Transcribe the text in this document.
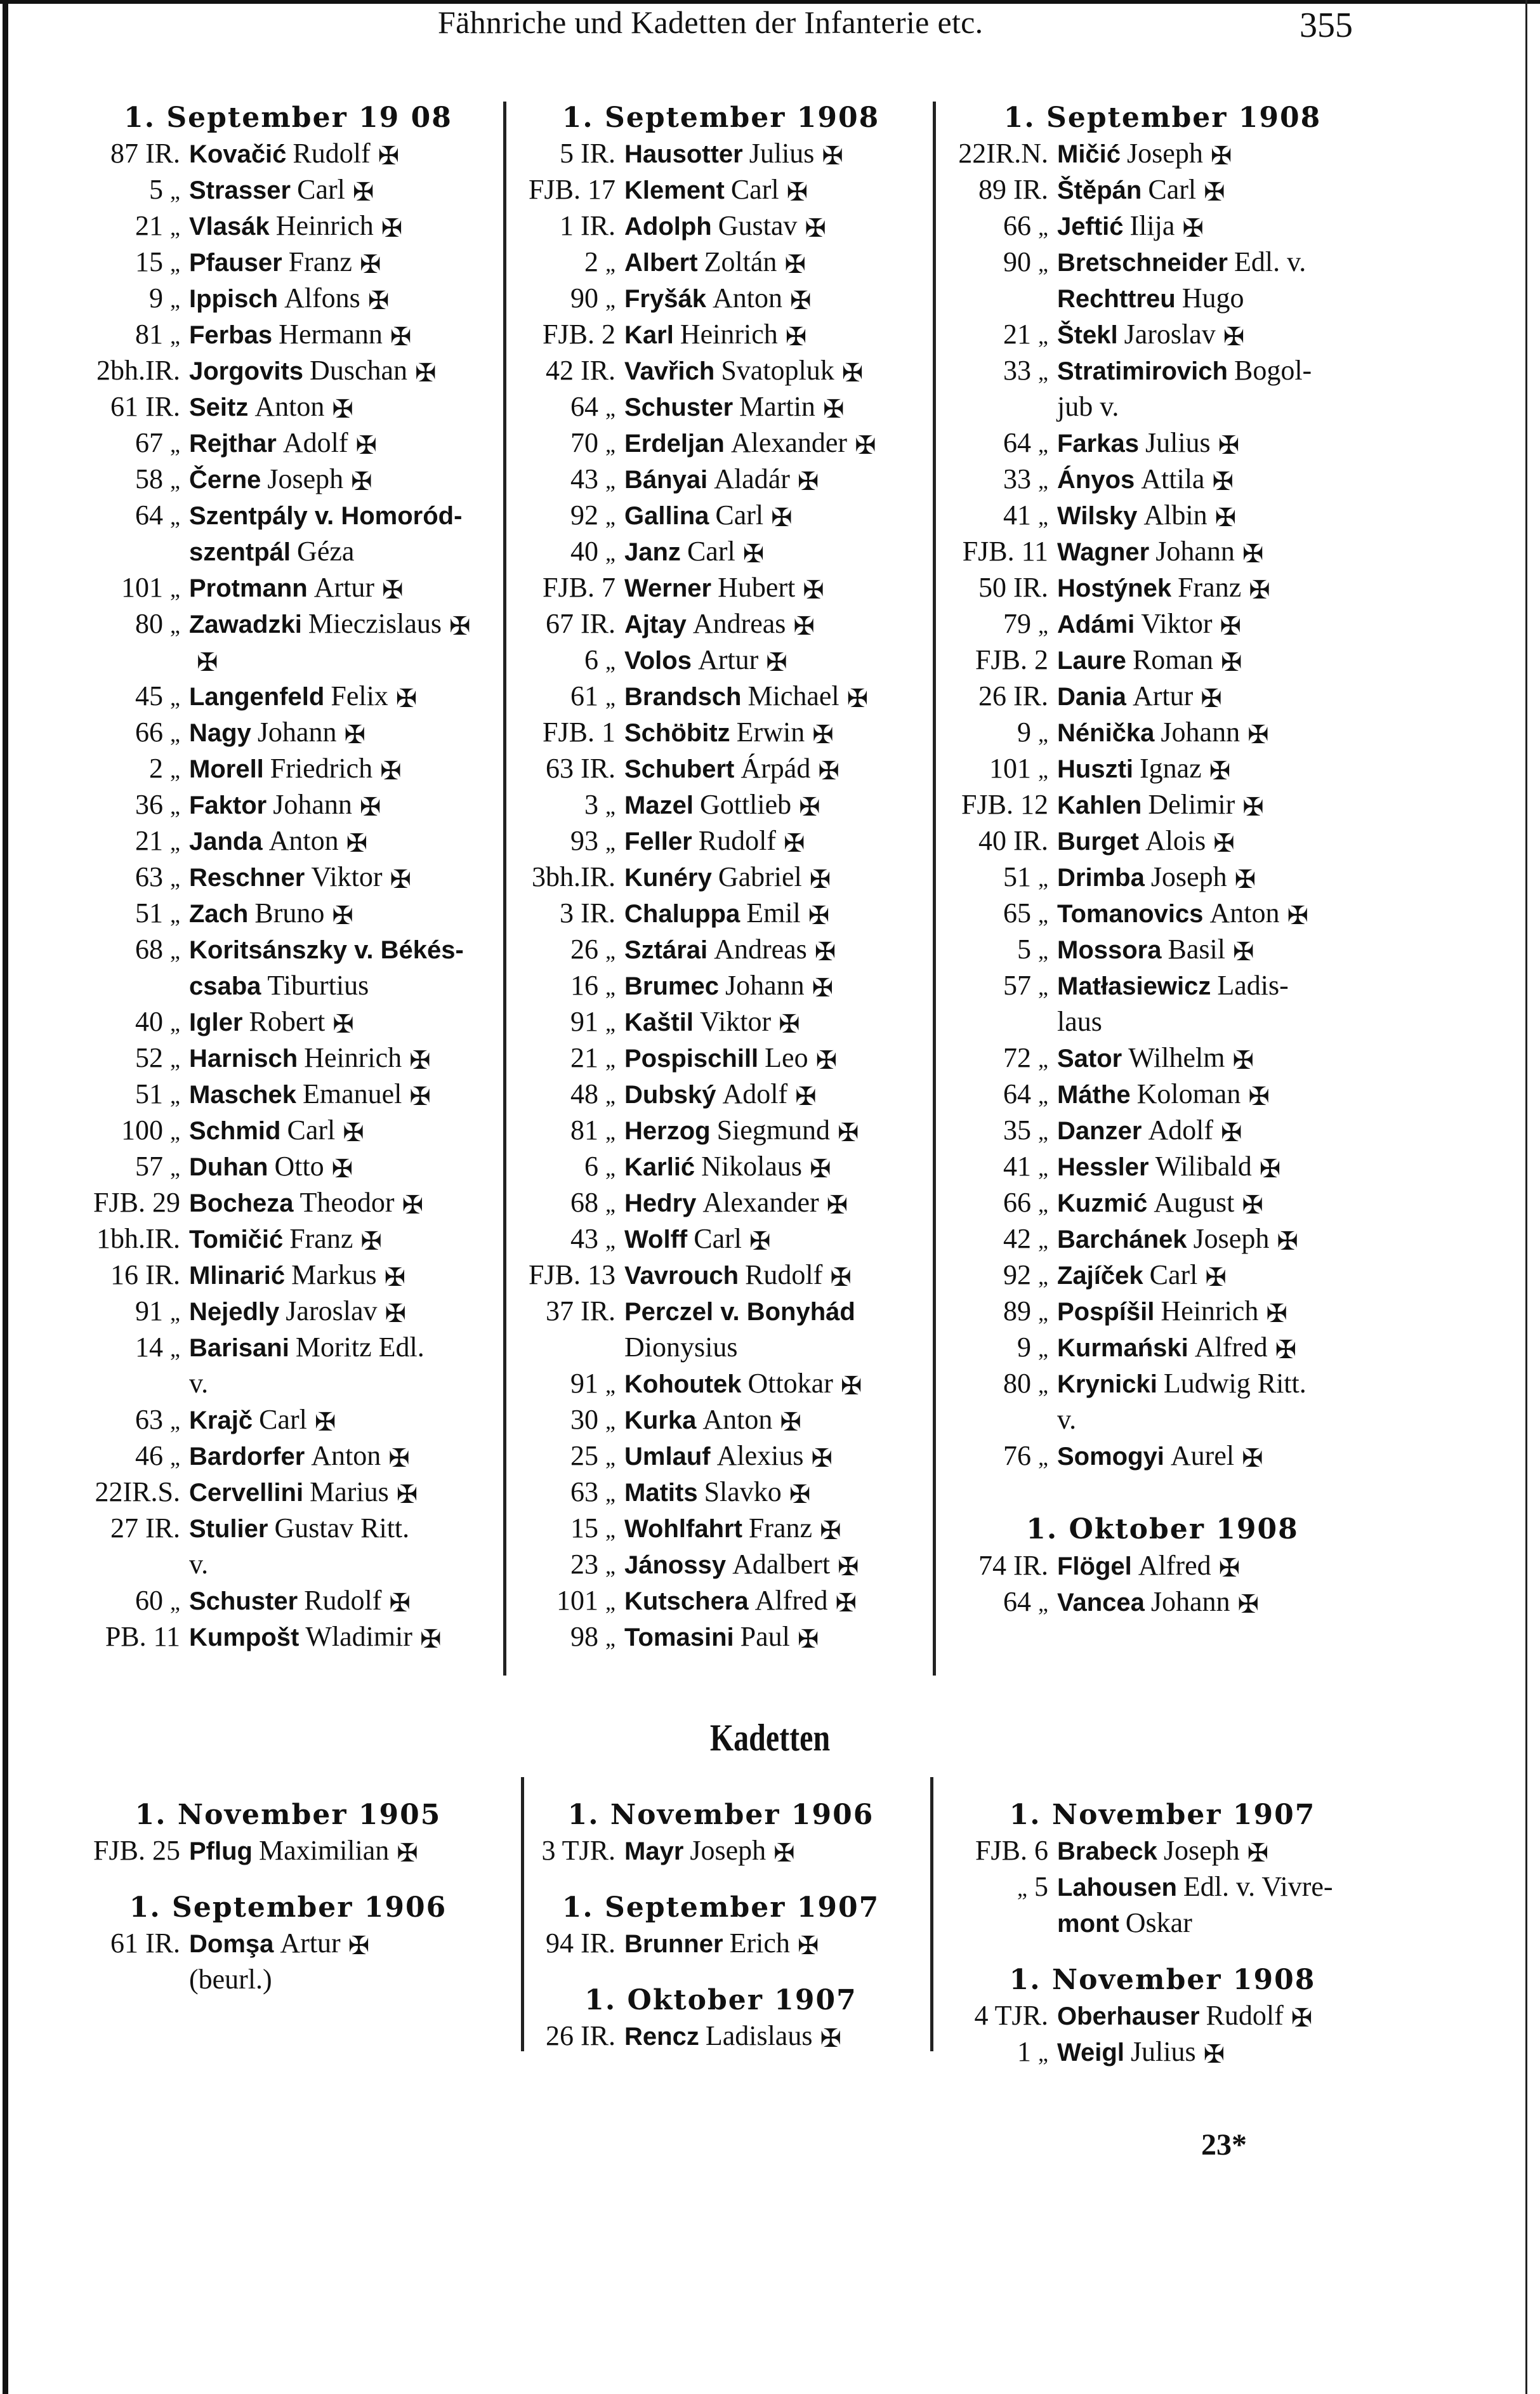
Fähnriche und Kadetten der Infanterie etc.	355
1. September 19 08
87 IR. Kovačić Rudolf ✠
5 „ Strasser Carl ✠
21 „ Vlasák Heinrich ✠
15 „ Pfauser Franz ✠
9 „ Ippisch Alfons ✠
81 „ Ferbas Hermann ✠
2bh.IR. Jorgovits Duschan ✠
61 IR. Seitz Anton ✠
67 „ Rejthar Adolf ✠
58 „ Černe Joseph ✠
64 „ Szentpály v. Homoród-
szentpál Géza
101 „ Protmann Artur ✠
80 „ Zawadzki Mieczislaus ✠
✠
45 „ Langenfeld Felix ✠
66 „ Nagy Johann ✠
2 „ Morell Friedrich ✠
36 „ Faktor Johann ✠
21 „ Janda Anton ✠
63 „ Reschner Viktor ✠
51 „ Zach Bruno ✠
68 „ Koritsánszky v. Békés-
csaba Tiburtius
40 „ Igler Robert ✠
52 „ Harnisch Heinrich ✠
51 „ Maschek Emanuel ✠
100 „ Schmid Carl ✠
57 „ Duhan Otto ✠
FJB. 29 Bocheza Theodor ✠
1bh.IR. Tomičić Franz ✠
16 IR. Mlinarić Markus ✠
91 „ Nejedly Jaroslav ✠
14 „ Barisani Moritz Edl.
v.
63 „ Krajč Carl ✠
46 „ Bardorfer Anton ✠
22IR.S. Cervellini Marius ✠
27 IR. Stulier Gustav Ritt.
v.
60 „ Schuster Rudolf ✠
PB. 11 Kumpošt Wladimir ✠
1. September 1908
5 IR. Hausotter Julius ✠
FJB. 17 Klement Carl ✠
1 IR. Adolph Gustav ✠
2 „ Albert Zoltán ✠
90 „ Fryšák Anton ✠
FJB. 2 Karl Heinrich ✠
42 IR. Vavřich Svatopluk ✠
64 „ Schuster Martin ✠
70 „ Erdeljan Alexander ✠
43 „ Bányai Aladár ✠
92 „ Gallina Carl ✠
40 „ Janz Carl ✠
FJB. 7 Werner Hubert ✠
67 IR. Ajtay Andreas ✠
6 „ Volos Artur ✠
61 „ Brandsch Michael ✠
FJB. 1 Schöbitz Erwin ✠
63 IR. Schubert Árpád ✠
3 „ Mazel Gottlieb ✠
93 „ Feller Rudolf ✠
3bh.IR. Kunéry Gabriel ✠
3 IR. Chaluppa Emil ✠
26 „ Sztárai Andreas ✠
16 „ Brumec Johann ✠
91 „ Kaštil Viktor ✠
21 „ Pospischill Leo ✠
48 „ Dubský Adolf ✠
81 „ Herzog Siegmund ✠
6 „ Karlić Nikolaus ✠
68 „ Hedry Alexander ✠
43 „ Wolff Carl ✠
FJB. 13 Vavrouch Rudolf ✠
37 IR. Perczel v. Bonyhád
Dionysius
91 „ Kohoutek Ottokar ✠
30 „ Kurka Anton ✠
25 „ Umlauf Alexius ✠
63 „ Matits Slavko ✠
15 „ Wohlfahrt Franz ✠
23 „ Jánossy Adalbert ✠
101 „ Kutschera Alfred ✠
98 „ Tomasini Paul ✠
1. September 1908
22IR.N. Mičić Joseph ✠
89 IR. Štěpán Carl ✠
66 „ Jeftić Ilija ✠
90 „ Bretschneider Edl. v.
Rechttreu Hugo
21 „ Štekl Jaroslav ✠
33 „ Stratimirovich Bogol-
jub v.
64 „ Farkas Julius ✠
33 „ Ányos Attila ✠
41 „ Wilsky Albin ✠
FJB. 11 Wagner Johann ✠
50 IR. Hostýnek Franz ✠
79 „ Adámi Viktor ✠
FJB. 2 Laure Roman ✠
26 IR. Dania Artur ✠
9 „ Nénička Johann ✠
101 „ Huszti Ignaz ✠
FJB. 12 Kahlen Delimir ✠
40 IR. Burget Alois ✠
51 „ Drimba Joseph ✠
65 „ Tomanovics Anton ✠
5 „ Mossora Basil ✠
57 „ Matłasiewicz Ladis-
laus
72 „ Sator Wilhelm ✠
64 „ Máthe Koloman ✠
35 „ Danzer Adolf ✠
41 „ Hessler Wilibald ✠
66 „ Kuzmić August ✠
42 „ Barchánek Joseph ✠
92 „ Zajíček Carl ✠
89 „ Pospíšil Heinrich ✠
9 „ Kurmański Alfred ✠
80 „ Krynicki Ludwig Ritt.
v.
76 „ Somogyi Aurel ✠
1. Oktober 1908
74 IR. Flögel Alfred ✠
64 „ Vancea Johann ✠
Kadetten
1. November 1905
FJB. 25 Pflug Maximilian ✠
1. September 1906
61 IR. Domşa Artur ✠
(beurl.)
1. November 1906
3 TJR. Mayr Joseph ✠
1. September 1907
94 IR. Brunner Erich ✠
1. Oktober 1907
26 IR. Rencz Ladislaus ✠
1. November 1907
FJB. 6 Brabeck Joseph ✠
„ 5 Lahousen Edl. v. Vivre-
mont Oskar
1. November 1908
4 TJR. Oberhauser Rudolf ✠
1 „ Weigl Julius ✠
23*
